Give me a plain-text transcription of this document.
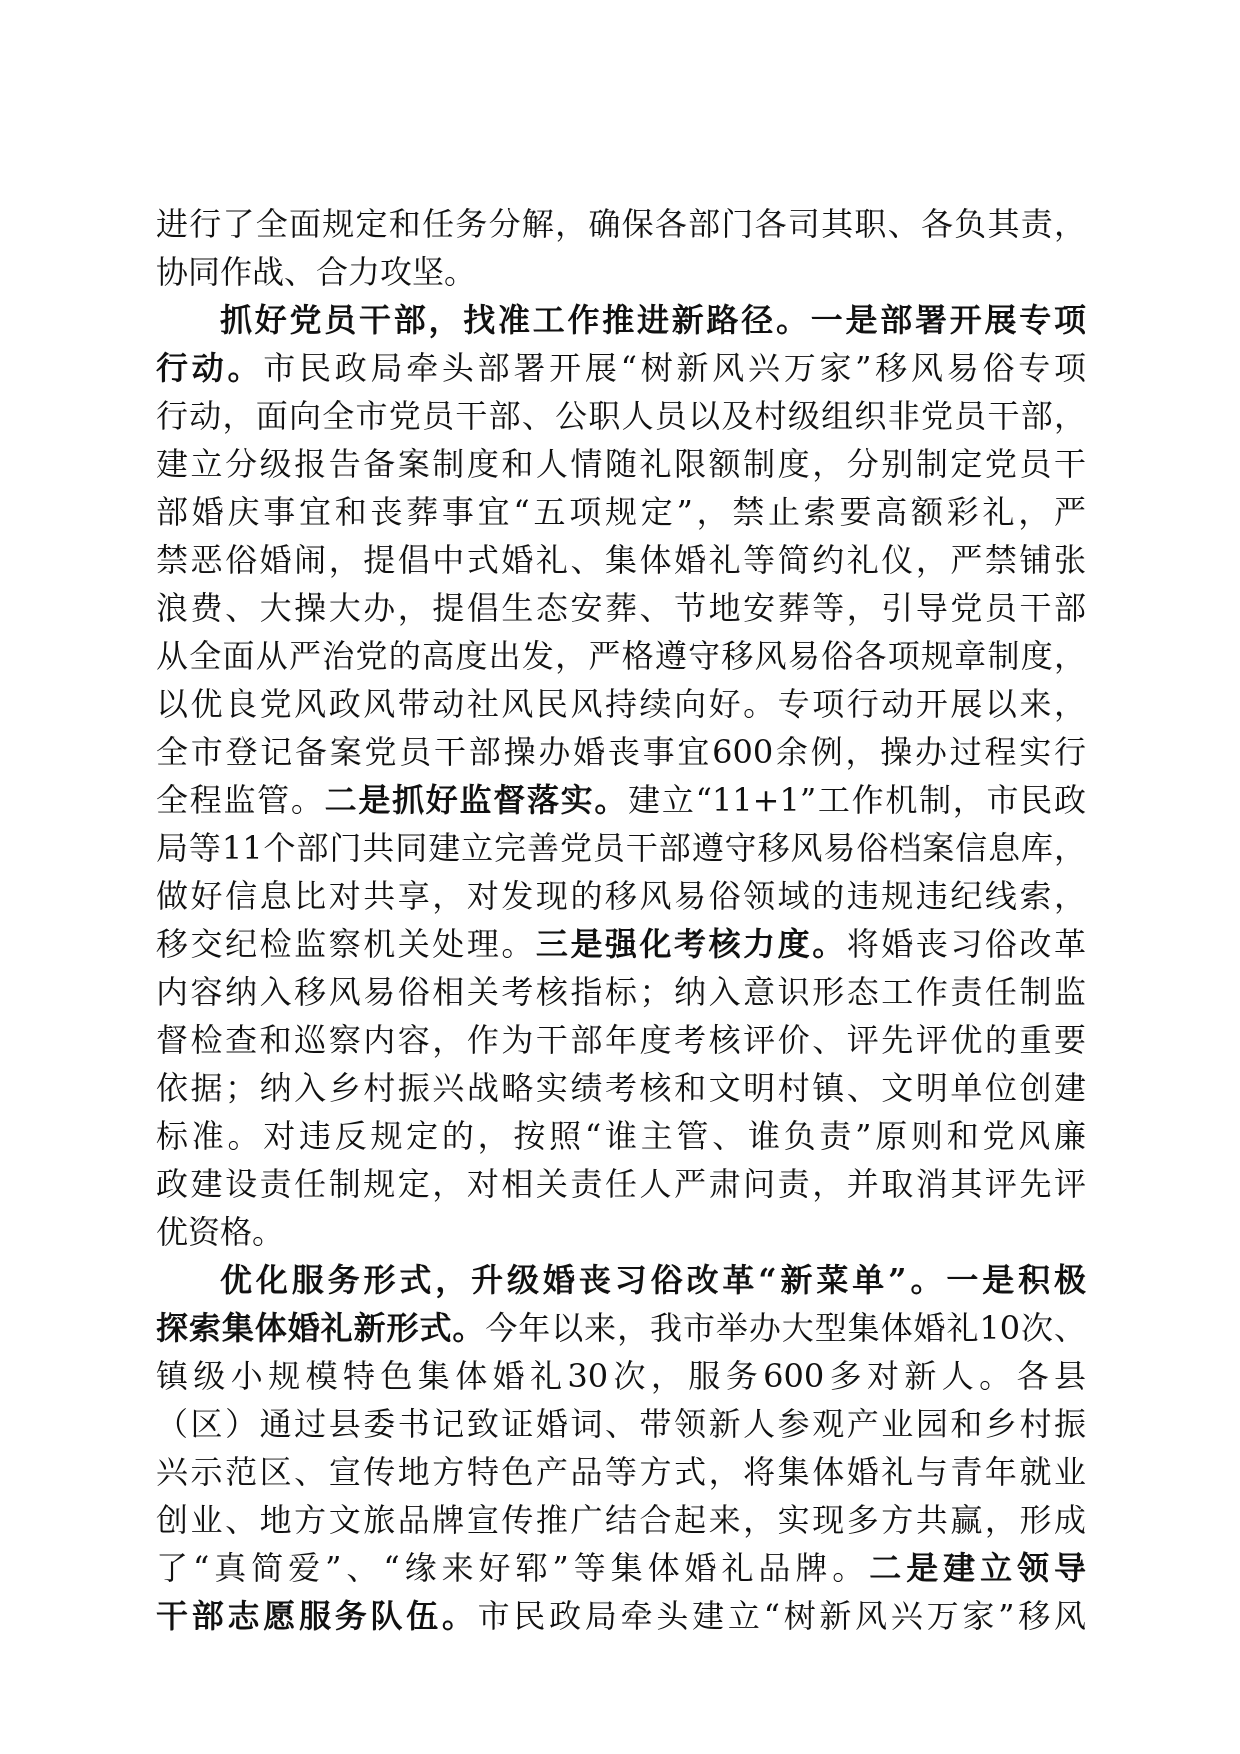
进行了全面规定和任务分解，确保各部门各司其职、各负其责，
协同作战、合力攻坚。
抓好党员干部，找准工作推进新路径。一是部署开展专项
行动。市民政局牵头部署开展“树新风兴万家”移风易俗专项
行动，面向全市党员干部、公职人员以及村级组织非党员干部，
建立分级报告备案制度和人情随礼限额制度，分别制定党员干
部婚庆事宜和丧葬事宜“五项规定”，禁止索要高额彩礼，严
禁恶俗婚闹，提倡中式婚礼、集体婚礼等简约礼仪，严禁铺张
浪费、大操大办，提倡生态安葬、节地安葬等，引导党员干部
从全面从严治党的高度出发，严格遵守移风易俗各项规章制度，
以优良党风政风带动社风民风持续向好。专项行动开展以来，
全市登记备案党员干部操办婚丧事宜600余例，操办过程实行
全程监管。二是抓好监督落实。建立“11+1”工作机制，市民政
局等11个部门共同建立完善党员干部遵守移风易俗档案信息库，
做好信息比对共享，对发现的移风易俗领域的违规违纪线索，
移交纪检监察机关处理。三是强化考核力度。将婚丧习俗改革
内容纳入移风易俗相关考核指标；纳入意识形态工作责任制监
督检查和巡察内容，作为干部年度考核评价、评先评优的重要
依据；纳入乡村振兴战略实绩考核和文明村镇、文明单位创建
标准。对违反规定的，按照“谁主管、谁负责”原则和党风廉
政建设责任制规定，对相关责任人严肃问责，并取消其评先评
优资格。
优化服务形式，升级婚丧习俗改革“新菜单”。一是积极
探索集体婚礼新形式。今年以来，我市举办大型集体婚礼10次、
镇级小规模特色集体婚礼30次，服务600多对新人。各县
（区）通过县委书记致证婚词、带领新人参观产业园和乡村振
兴示范区、宣传地方特色产品等方式，将集体婚礼与青年就业
创业、地方文旅品牌宣传推广结合起来，实现多方共赢，形成
了“真简爱”、“缘来好郓”等集体婚礼品牌。二是建立领导
干部志愿服务队伍。市民政局牵头建立“树新风兴万家”移风
